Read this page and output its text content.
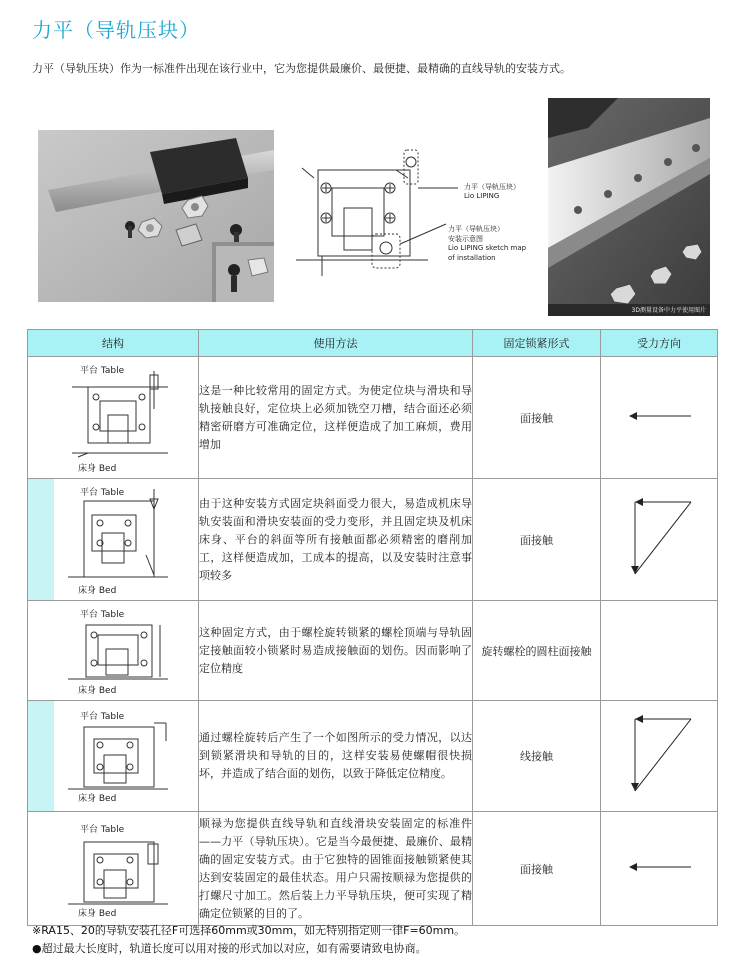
力平（导轨压块）
力平（导轨压块）作为一标准件出现在该行业中，它为您提供最廉价、最便捷、最精确的直线导轨的安装方式。
力平（导轨压块）
Lio LIPING
力平（导轨压块）
安装示意图
Lio LIPING sketch map
of installation
3D测量设备中力平使用图片
结构	使用方法	固定锁紧形式	受力方向

平台 Table
床身 Bed	这是一种比较常用的固定方式。为使定位块与滑块和导轨接触良好，定位块上必须加铣空刀槽，结合面还必须精密研磨方可准确定位，这样便造成了加工麻烦，费用增加	面接触	

平台 Table
床身 Bed	由于这种安装方式固定块斜面受力很大，易造成机床导轨安装面和滑块安装面的受力变形，并且固定块及机床床身、平台的斜面等所有接触面都必须精密的磨削加工，这样便造成加，工成本的提高，以及安装时注意事项较多	面接触	

平台 Table
床身 Bed	这种固定方式，由于螺栓旋转锁紧的螺栓顶端与导轨固定接触面较小锁紧时易造成接触面的划伤。因而影响了定位精度	旋转螺栓的圆柱面接触	

平台 Table
床身 Bed	通过螺栓旋转后产生了一个如图所示的受力情况，以达到锁紧滑块和导轨的目的，这样安装易使螺帽很快损坏，并造成了结合面的划伤，以致于降低定位精度。	线接触	

平台 Table
床身 Bed	顺禄为您提供直线导轨和直线滑块安装固定的标准件——力平（导轨压块）。它是当今最便捷、最廉价、最精确的固定安装方式。由于它独特的固锥面接触锁紧使其达到安装固定的最佳状态。用户只需按顺禄为您提供的打螺尺寸加工。然后装上力平导轨压块，便可实现了精确定位锁紧的目的了。	面接触	
※RA15、20的导轨安装孔径F可选择60mm或30mm，如无特别指定则一律F=60mm。
●超过最大长度时，轨道长度可以用对接的形式加以对应，如有需要请致电协商。
